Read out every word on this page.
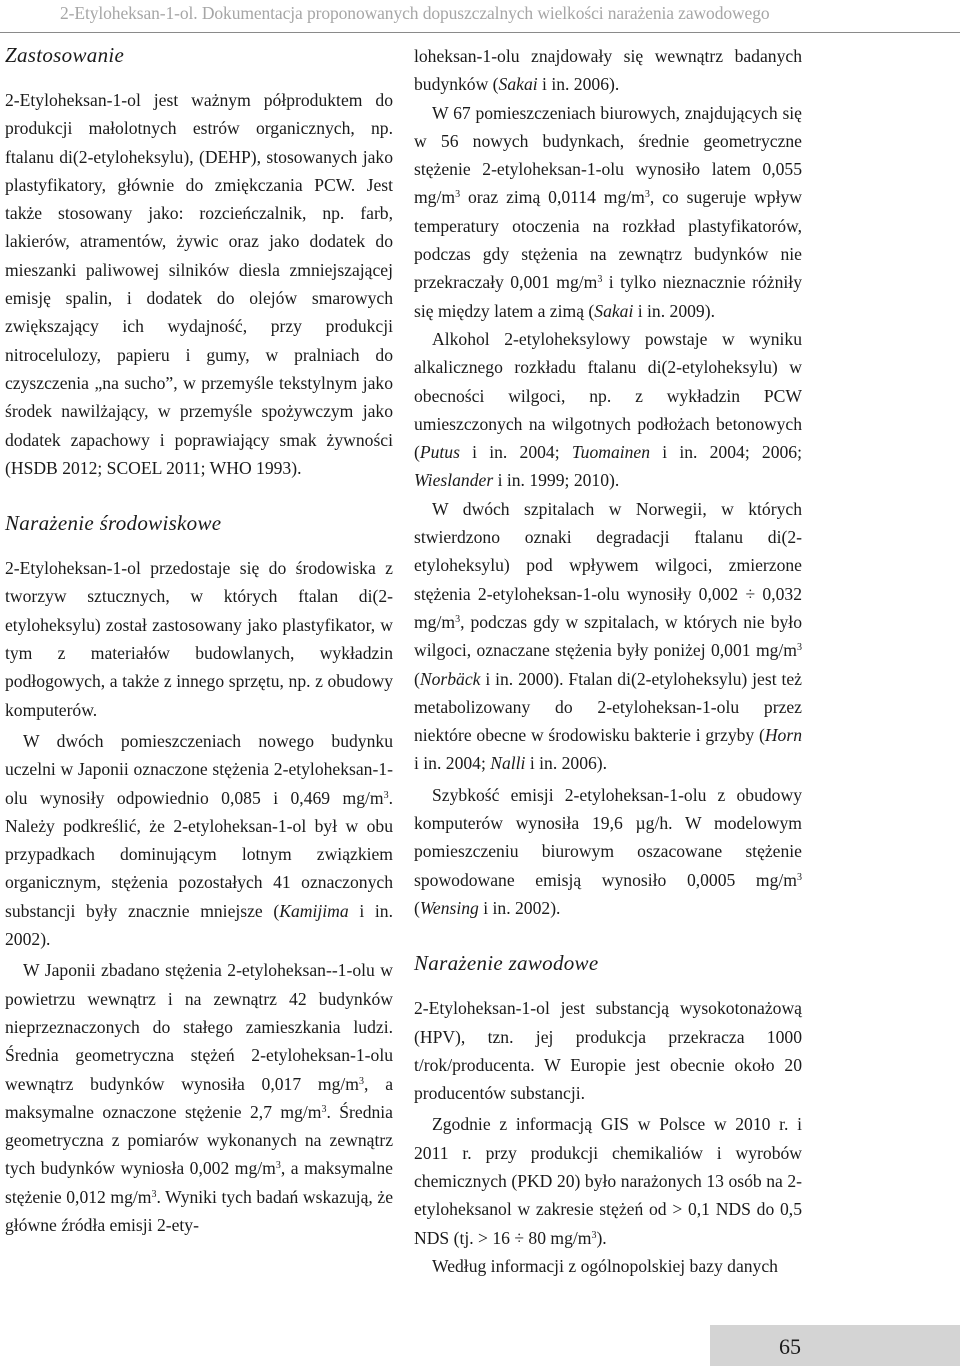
2-Etyloheksan-1-ol. Dokumentacja proponowanych dopuszczalnych wielkości narażenia zawodowego
Zastosowanie

2-Etyloheksan-1-ol jest ważnym półproduktem do produkcji małolotnych estrów organicznych, np. ftalanu di(2-etyloheksylu), (DEHP), stosowanych jako plastyfikatory, głównie do zmiękczania PCW. Jest także stosowany jako: rozcieńczalnik, np. farb, lakierów, atramentów, żywic oraz jako dodatek do mieszanki paliwowej silników diesla zmniejszającej emisję spalin, i dodatek do olejów smarowych zwiększający ich wydajność, przy produkcji nitrocelulozy, papieru i gumy, w pralniach do czyszczenia „na sucho”, w przemyśle tekstylnym jako środek nawilżający, w przemyśle spożywczym jako dodatek zapachowy i poprawiający smak żywności (HSDB 2012; SCOEL 2011; WHO 1993).

Narażenie środowiskowe

2-Etyloheksan-1-ol przedostaje się do środowiska z tworzyw sztucznych, w których ftalan di(2-etyloheksylu) został zastosowany jako plastyfikator, w tym z materiałów budowlanych, wykładzin podłogowych, a także z innego sprzętu, np. z obudowy komputerów.

W dwóch pomieszczeniach nowego budynku uczelni w Japonii oznaczone stężenia 2-etyloheksan-1-olu wynosiły odpowiednio 0,085 i 0,469 $mg/m^3$. Należy podkreślić, że 2-etyloheksan-1-ol był w obu przypadkach dominującym lotnym związkiem organicznym, stężenia pozostałych 41 oznaczonych substancji były znacznie mniejsze (Kamijima i in. 2002).

W Japonii zbadano stężenia 2-etyloheksan--1-olu w powietrzu wewnątrz i na zewnątrz 42 budynków nieprzeznaczonych do stałego zamieszkania ludzi. Średnia geometryczna stężeń 2-etyloheksan-1-olu wewnątrz budynków wynosiła 0,017 $mg/m^3$, a maksymalne oznaczone stężenie 2,7 $mg/m^3$. Średnia geometryczna z pomiarów wykonanych na zewnątrz tych budynków wyniosła 0,002 $mg/m^3$, a maksymalne stężenie 0,012 $mg/m^3$. Wyniki tych badań wskazują, że główne źródła emisji 2-ety-

loheksan-1-olu znajdowały się wewnątrz badanych budynków (Sakai i in. 2006).

W 67 pomieszczeniach biurowych, znajdujących się w 56 nowych budynkach, średnie geometryczne stężenie 2-etyloheksan-1-olu wynosiło latem 0,055 $mg/m^3$ oraz zimą 0,0114 $mg/m^3$, co sugeruje wpływ temperatury otoczenia na rozkład plastyfikatorów, podczas gdy stężenia na zewnątrz budynków nie przekraczały 0,001 $mg/m^3$ i tylko nieznacznie różniły się między latem a zimą (Sakai i in. 2009).

Alkohol 2-etyloheksylowy powstaje w wyniku alkalicznego rozkładu ftalanu di(2-etyloheksylu) w obecności wilgoci, np. z wykładzin PCW umieszczonych na wilgotnych podłożach betonowych (Putus i in. 2004; Tuomainen i in. 2004; 2006; Wieslander i in. 1999; 2010).

W dwóch szpitalach w Norwegii, w których stwierdzono oznaki degradacji ftalanu di(2-etyloheksylu) pod wpływem wilgoci, zmierzone stężenia 2-etyloheksan-1-olu wynosiły 0,002 ÷ 0,032 $mg/m^3$, podczas gdy w szpitalach, w których nie było wilgoci, oznaczane stężenia były poniżej 0,001 $mg/m^3$ (Norbäck i in. 2000). Ftalan di(2-etyloheksylu) jest też metabolizowany do 2-etyloheksan-1-olu przez niektóre obecne w środowisku bakterie i grzyby (Horn i in. 2004; Nalli i in. 2006).

Szybkość emisji 2-etyloheksan-1-olu z obudowy komputerów wynosiła 19,6 µg/h. W modelowym pomieszczeniu biurowym oszacowane stężenie spowodowane emisją wynosiło 0,0005 $mg/m^3$ (Wensing i in. 2002).

Narażenie zawodowe

2-Etyloheksan-1-ol jest substancją wysokotonażową (HPV), tzn. jej produkcja przekracza 1000 t/rok/producenta. W Europie jest obecnie około 20 producentów substancji.

Zgodnie z informacją GIS w Polsce w 2010 r. i 2011 r. przy produkcji chemikaliów i wyrobów chemicznych (PKD 20) było narażonych 13 osób na 2-etyloheksanol w zakresie stężeń od > 0,1 NDS do 0,5 NDS (tj. > 16 ÷ 80 $mg/m^3$).

Według informacji z ogólnopolskiej bazy danych

65
